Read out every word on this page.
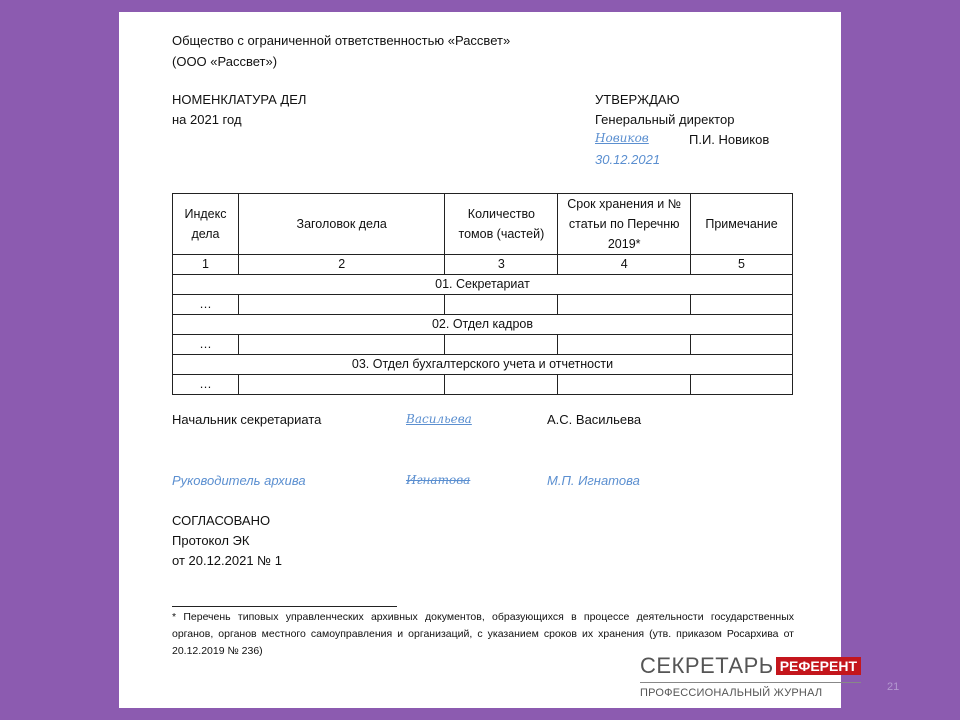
Общество с ограниченной ответственностью «Рассвет»
(ООО «Рассвет»)
НОМЕНКЛАТУРА ДЕЛ
на 2021 год
УТВЕРЖДАЮ
Генеральный директор
Новиков	П.И. Новиков
30.12.2021
Индекс дела	Заголовок дела	Количество томов (частей)	Срок хранения и № статьи по Перечню 2019*	Примечание
1	2	3	4	5
01. Секретариат				
…				
02. Отдел кадров				
…				
03. Отдел бухгалтерского учета и отчетности				
…				
Начальник секретариата	Васильева	А.С. Васильева
Руководитель архива	Игнатова	М.П. Игнатова
СОГЛАСОВАНО
Протокол ЭК
от 20.12.2021 № 1
* Перечень типовых управленческих архивных документов, образующихся в процессе деятельности государственных органов, органов местного самоуправления и организаций, с указанием сроков их хранения (утв. приказом Росархива от 20.12.2019 № 236)
СЕКРЕТАРЬ РЕФЕРЕНТ
ПРОФЕССИОНАЛЬНЫЙ ЖУРНАЛ	21
